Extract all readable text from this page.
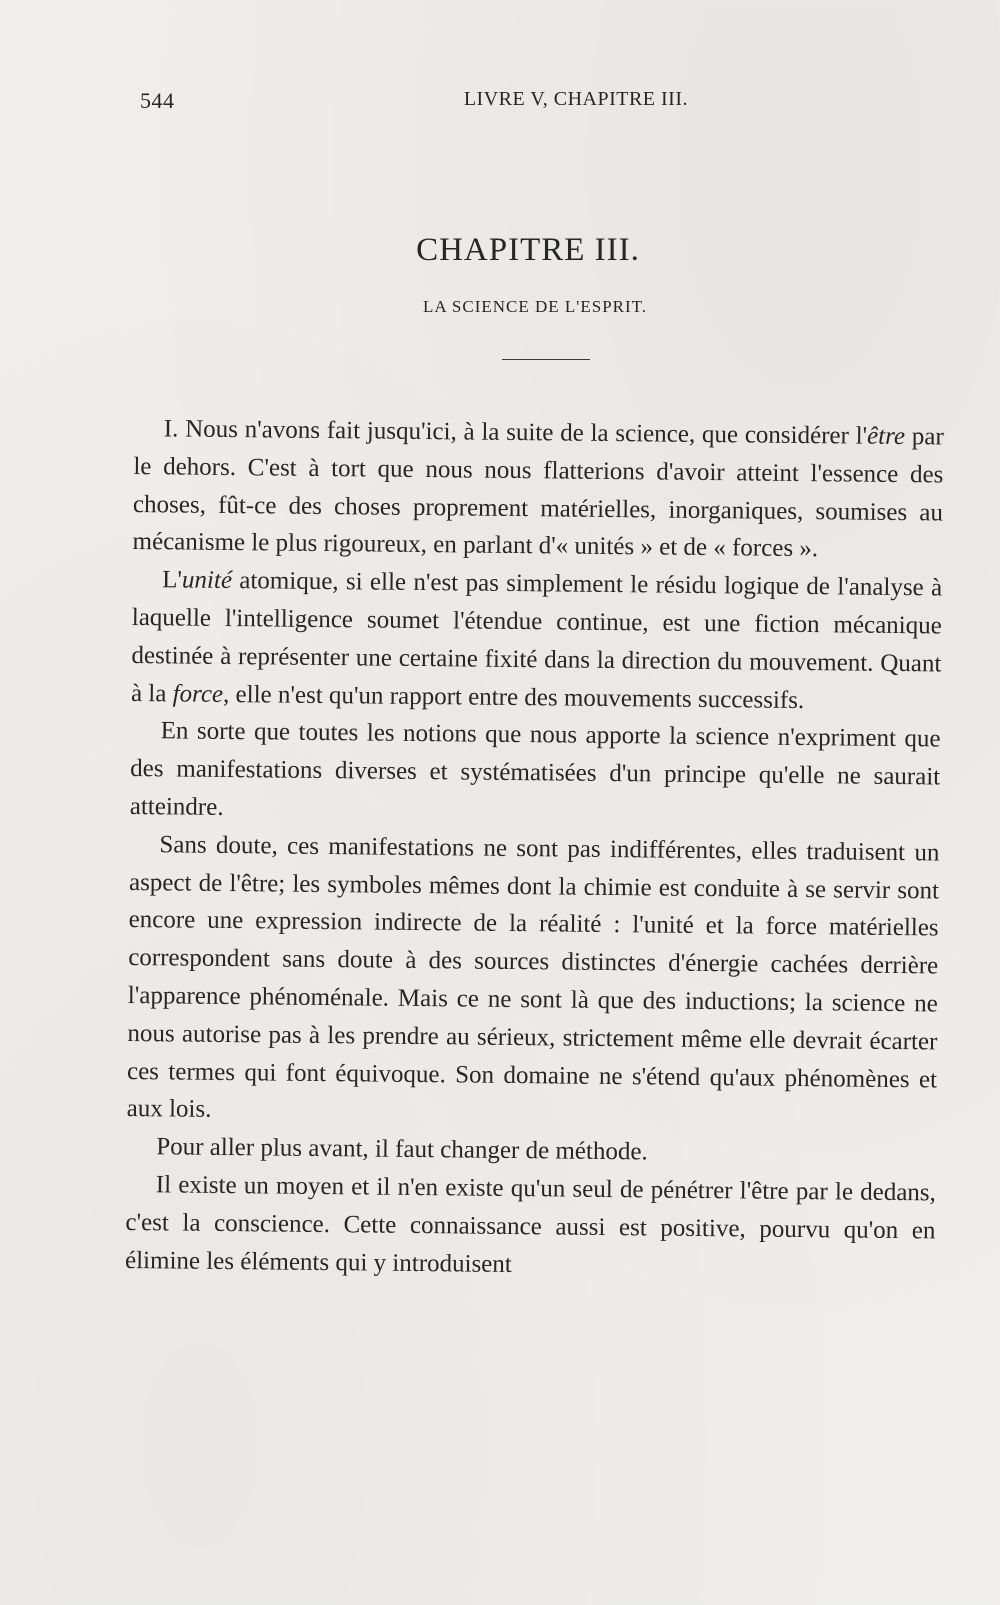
544	LIVRE V, CHAPITRE III.
CHAPITRE III.
LA SCIENCE DE L'ESPRIT.

I. Nous n'avons fait jusqu'ici, à la suite de la science, que considérer l'être par le dehors. C'est à tort que nous nous flatterions d'avoir atteint l'essence des choses, fût-ce des choses proprement matérielles, inorganiques, soumises au mécanisme le plus rigoureux, en parlant d'« unités » et de « forces ».

L'unité atomique, si elle n'est pas simplement le résidu logique de l'analyse à laquelle l'intelligence soumet l'étendue continue, est une fiction mécanique destinée à représenter une certaine fixité dans la direction du mouvement. Quant à la force, elle n'est qu'un rapport entre des mouvements successifs.

En sorte que toutes les notions que nous apporte la science n'expriment que des manifestations diverses et systématisées d'un principe qu'elle ne saurait atteindre.

Sans doute, ces manifestations ne sont pas indifférentes, elles traduisent un aspect de l'être; les symboles mêmes dont la chimie est conduite à se servir sont encore une expression indirecte de la réalité : l'unité et la force matérielles correspondent sans doute à des sources distinctes d'énergie cachées derrière l'apparence phénoménale. Mais ce ne sont là que des inductions; la science ne nous autorise pas à les prendre au sérieux, strictement même elle devrait écarter ces termes qui font équivoque. Son domaine ne s'étend qu'aux phénomènes et aux lois.

Pour aller plus avant, il faut changer de méthode.

Il existe un moyen et il n'en existe qu'un seul de pénétrer l'être par le dedans, c'est la conscience. Cette connaissance aussi est positive, pourvu qu'on en élimine les éléments qui y introduisent
